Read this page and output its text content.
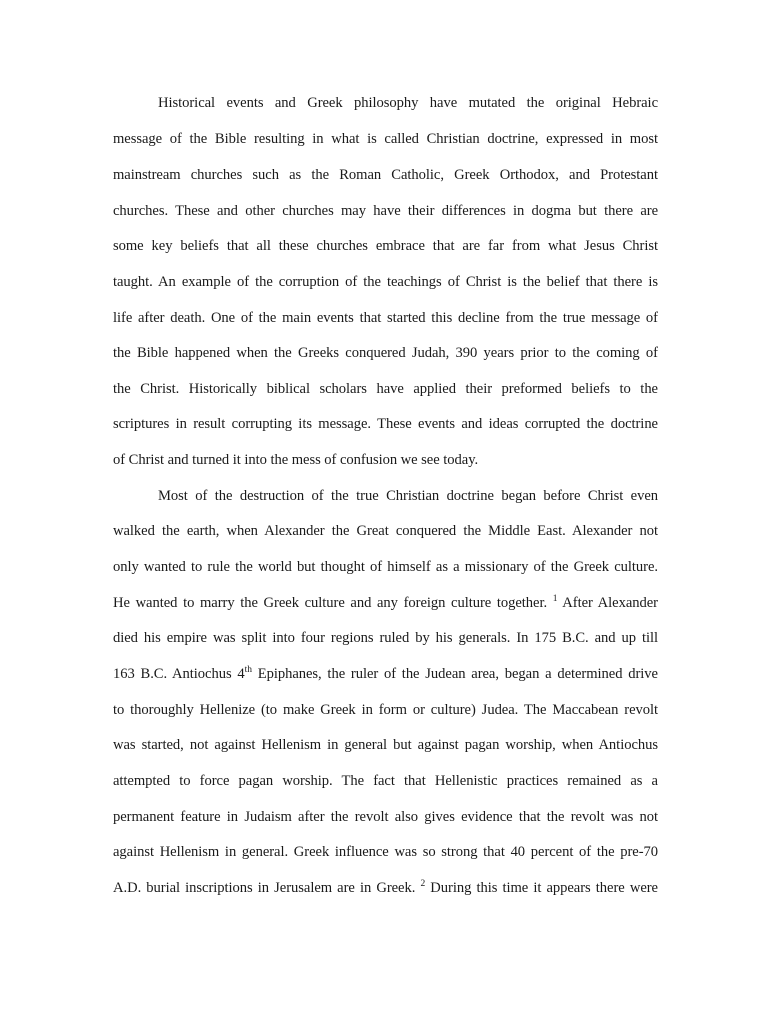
Historical events and Greek philosophy have mutated the original Hebraic
message of the Bible resulting in what is called Christian doctrine, expressed in most
mainstream churches such as the Roman Catholic, Greek Orthodox, and Protestant
churches. These and other churches may have their differences in dogma but there are
some key beliefs that all these churches embrace that are far from what Jesus Christ
taught. An example of the corruption of the teachings of Christ is the belief that there is
life after death. One of the main events that started this decline from the true message of
the Bible happened when the Greeks conquered Judah, 390 years prior to the coming of
the Christ. Historically biblical scholars have applied their preformed beliefs to the
scriptures in result corrupting its message. These events and ideas corrupted the doctrine
of Christ and turned it into the mess of confusion we see today.
Most of the destruction of the true Christian doctrine began before Christ even
walked the earth, when Alexander the Great conquered the Middle East. Alexander not
only wanted to rule the world but thought of himself as a missionary of the Greek culture.
He wanted to marry the Greek culture and any foreign culture together. $^1$ After Alexander
died his empire was split into four regions ruled by his generals. In 175 B.C. and up till
163 B.C. Antiochus 4th Epiphanes, the ruler of the Judean area, began a determined drive
to thoroughly Hellenize (to make Greek in form or culture) Judea. The Maccabean revolt
was started, not against Hellenism in general but against pagan worship, when Antiochus
attempted to force pagan worship. The fact that Hellenistic practices remained as a
permanent feature in Judaism after the revolt also gives evidence that the revolt was not
against Hellenism in general. Greek influence was so strong that 40 percent of the pre-70
A.D. burial inscriptions in Jerusalem are in Greek. $^2$ During this time it appears there were
